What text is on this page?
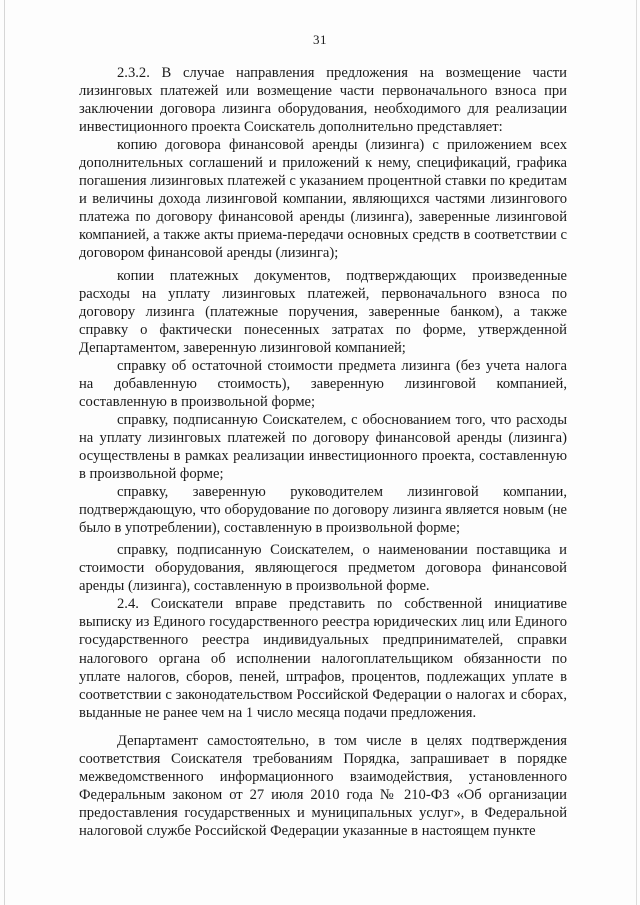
31

2.3.2. В случае направления предложения на возмещение части лизинговых платежей или возмещение части первоначального взноса при заключении договора лизинга оборудования, необходимого для реализации инвестиционного проекта Соискатель дополнительно представляет:

копию договора финансовой аренды (лизинга) с приложением всех дополнительных соглашений и приложений к нему, спецификаций, графика погашения лизинговых платежей с указанием процентной ставки по кредитам и величины дохода лизинговой компании, являющихся частями лизингового платежа по договору финансовой аренды (лизинга), заверенные лизинговой компанией, а также акты приема-передачи основных средств в соответствии с договором финансовой аренды (лизинга);

копии платежных документов, подтверждающих произведенные расходы на уплату лизинговых платежей, первоначального взноса по договору лизинга (платежные поручения, заверенные банком), а также справку о фактически понесенных затратах по форме, утвержденной Департаментом, заверенную лизинговой компанией;

справку об остаточной стоимости предмета лизинга (без учета налога на добавленную стоимость), заверенную лизинговой компанией, составленную в произвольной форме;

справку, подписанную Соискателем, с обоснованием того, что расходы на уплату лизинговых платежей по договору финансовой аренды (лизинга) осуществлены в рамках реализации инвестиционного проекта, составленную в произвольной форме;

справку, заверенную руководителем лизинговой компании, подтверждающую, что оборудование по договору лизинга является новым (не было в употреблении), составленную в произвольной форме;

справку, подписанную Соискателем, о наименовании поставщика и стоимости оборудования, являющегося предметом договора финансовой аренды (лизинга), составленную в произвольной форме.

2.4. Соискатели вправе представить по собственной инициативе выписку из Единого государственного реестра юридических лиц или Единого государственного реестра индивидуальных предпринимателей, справки налогового органа об исполнении налогоплательщиком обязанности по уплате налогов, сборов, пеней, штрафов, процентов, подлежащих уплате в соответствии с законодательством Российской Федерации о налогах и сборах, выданные не ранее чем на 1 число месяца подачи предложения.

Департамент самостоятельно, в том числе в целях подтверждения соответствия Соискателя требованиям Порядка, запрашивает в порядке межведомственного информационного взаимодействия, установленного Федеральным законом от 27 июля 2010 года № 210-ФЗ «Об организации предоставления государственных и муниципальных услуг», в Федеральной налоговой службе Российской Федерации указанные в настоящем пункте
